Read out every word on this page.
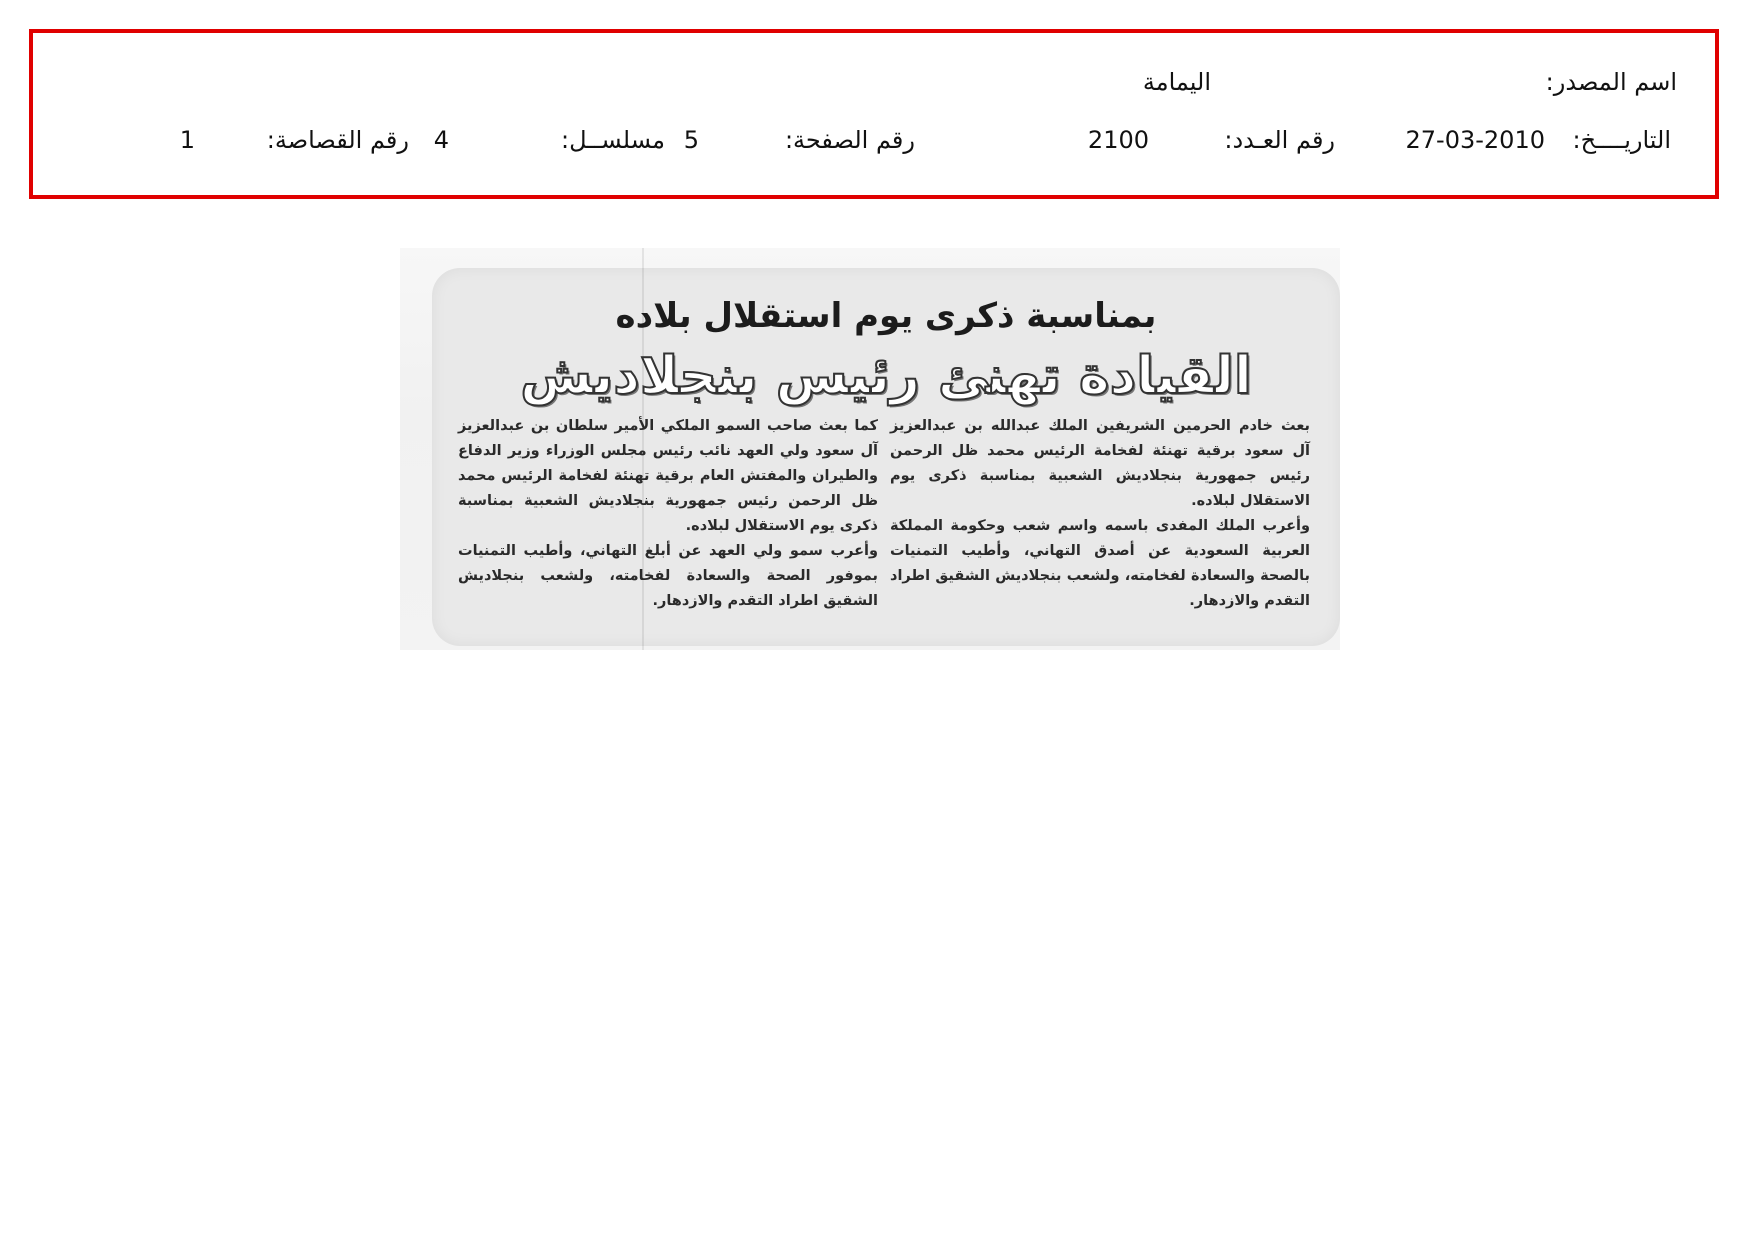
اسم المصدر:
اليمامة
التاريــــخ:
27-03-2010
رقم العـدد:
2100
رقم الصفحة:
5
مسلســل:
4
رقم القصاصة:
1
بمناسبة ذكرى يوم استقلال بلاده
القيادة تهنئ رئيس بنجلاديش

بعث خادم الحرمين الشريفين الملك عبدالله بن عبدالعزيز آل سعود برقية تهنئة لفخامة الرئيس محمد ظل الرحمن رئيس جمهورية بنجلاديش الشعبية بمناسبة ذكرى يوم الاستقلال لبلاده.

وأعرب الملك المفدى باسمه واسم شعب وحكومة المملكة العربية السعودية عن أصدق التهاني، وأطيب التمنيات بالصحة والسعادة لفخامته، ولشعب بنجلاديش الشقيق اطراد التقدم والازدهار.

كما بعث صاحب السمو الملكي الأمير سلطان بن عبدالعزيز آل سعود ولي العهد نائب رئيس مجلس الوزراء وزير الدفاع والطيران والمفتش العام برقية تهنئة لفخامة الرئيس محمد ظل الرحمن رئيس جمهورية بنجلاديش الشعبية بمناسبة ذكرى يوم الاستقلال لبلاده.

وأعرب سمو ولي العهد عن أبلغ التهاني، وأطيب التمنيات بموفور الصحة والسعادة لفخامته، ولشعب بنجلاديش الشقيق اطراد التقدم والازدهار.
